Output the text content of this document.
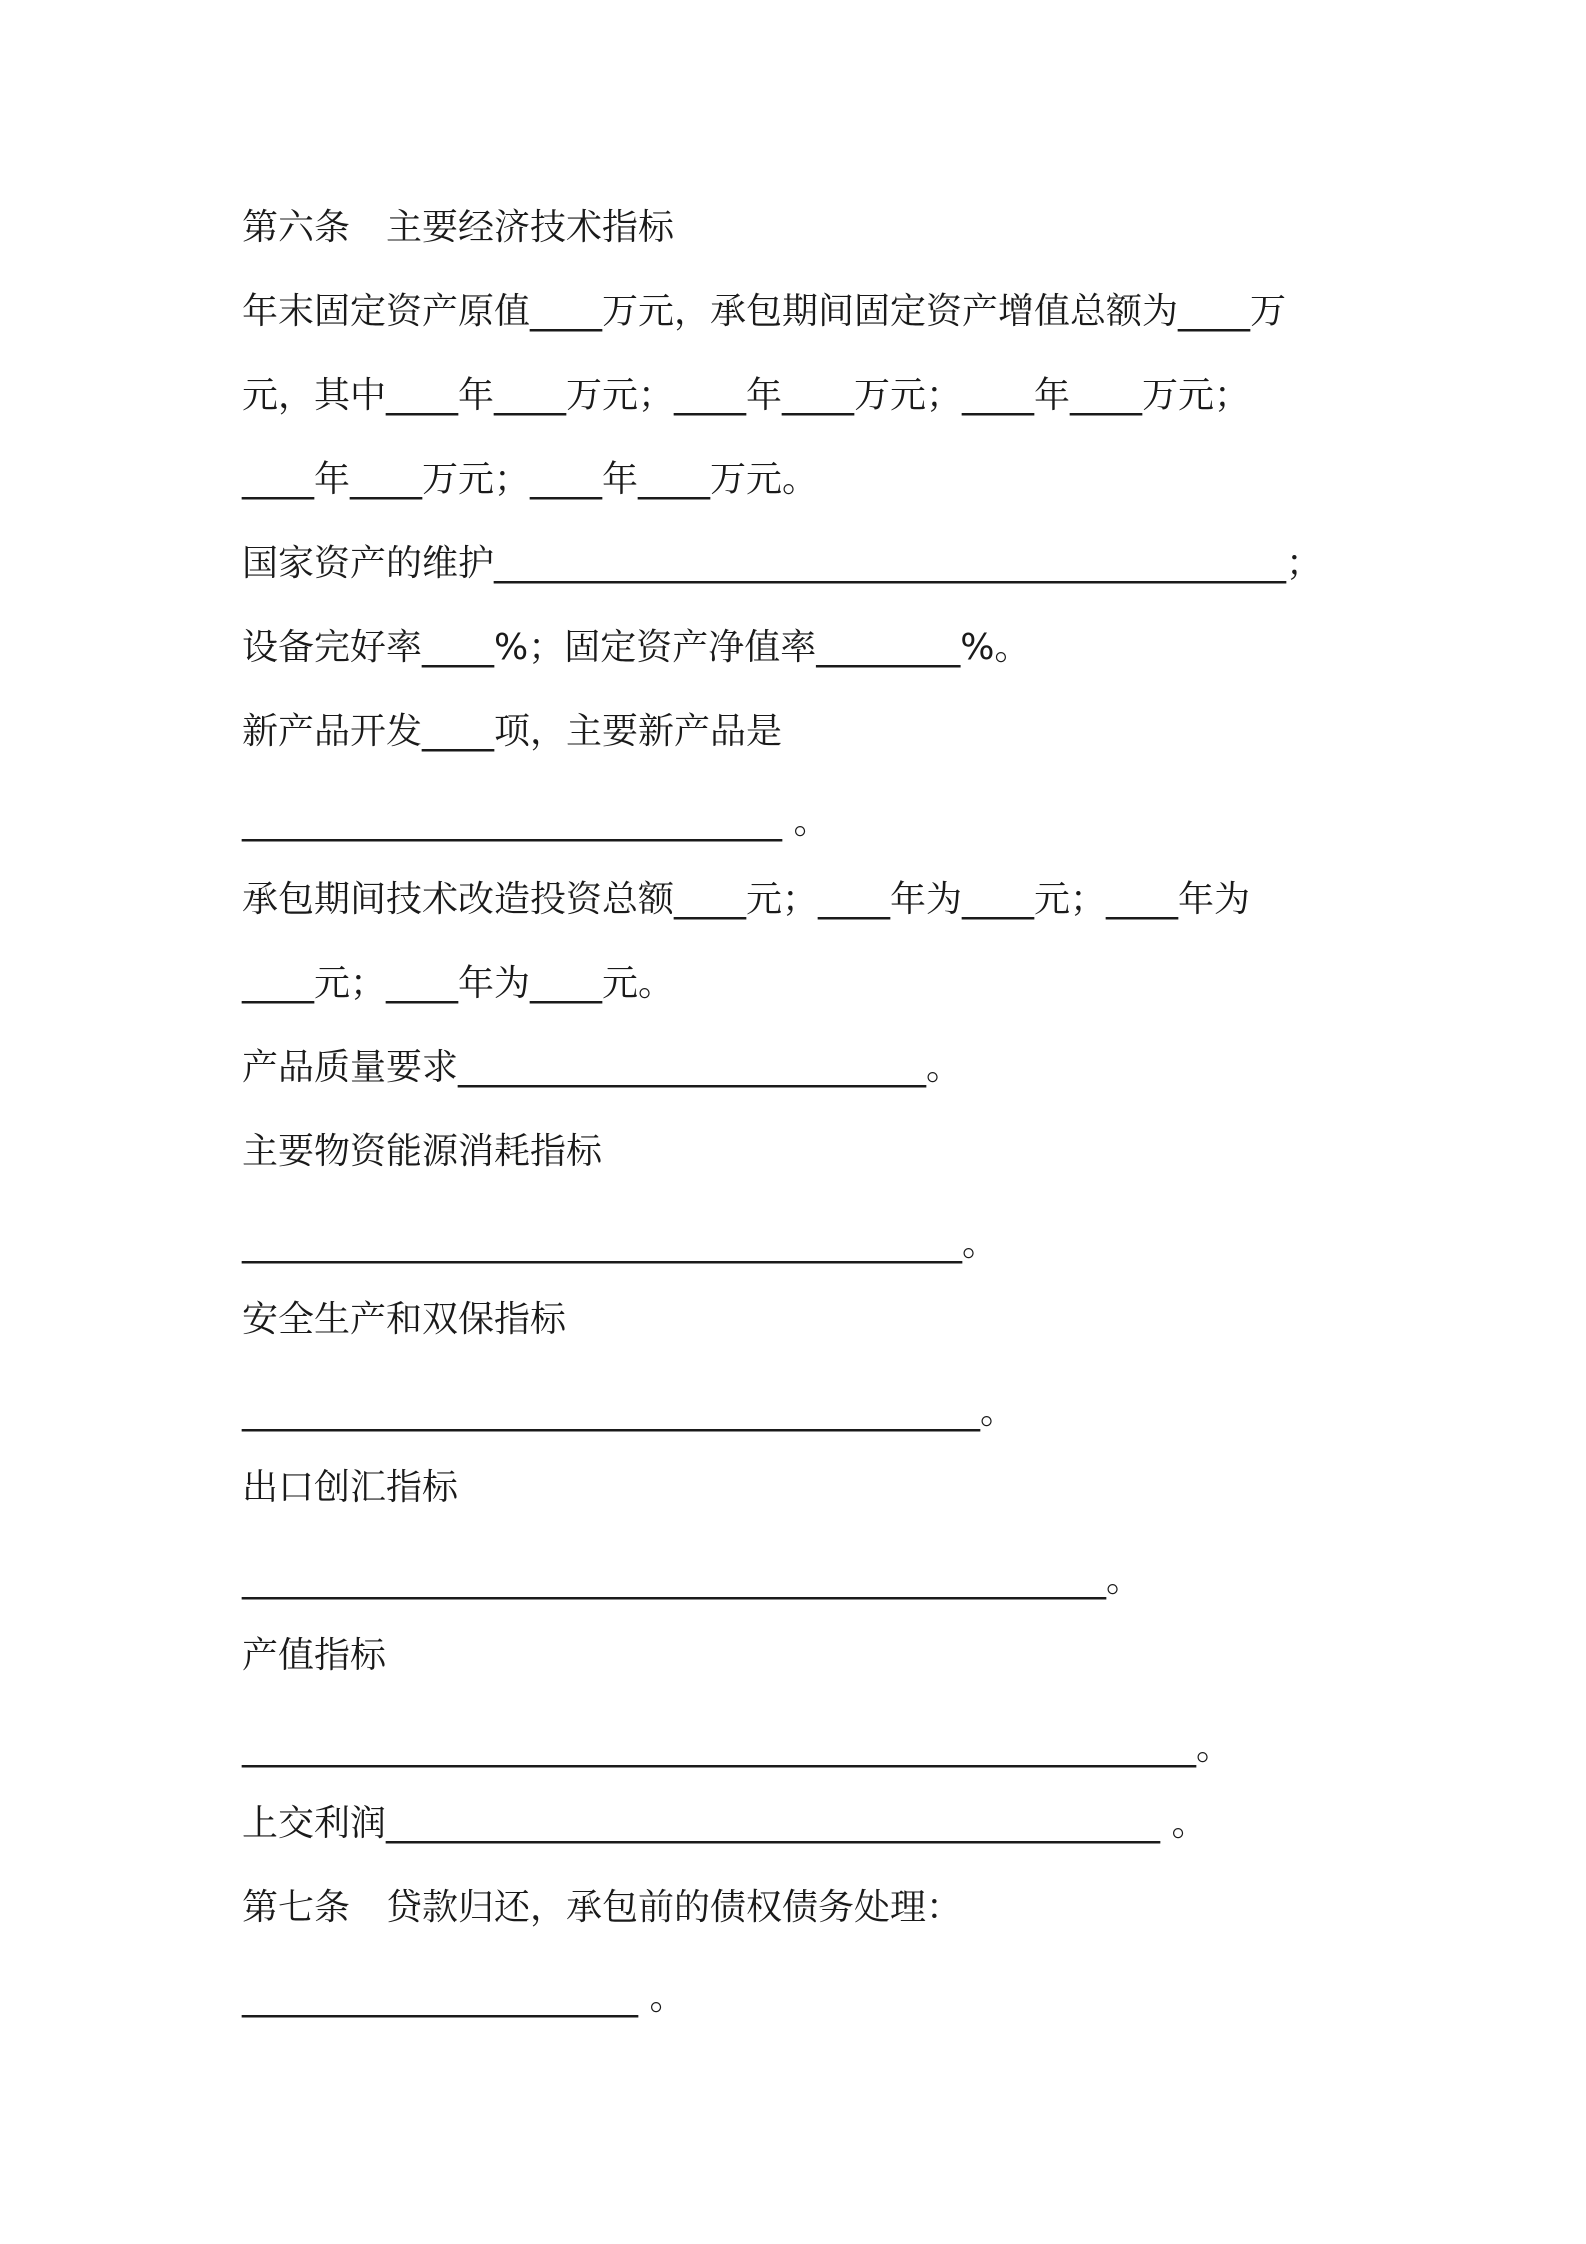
第六条　主要经济技术指标
年末固定资产原值____万元，承包期间固定资产增值总额为____万
元，其中____年____万元；____年____万元；____年____万元；
____年____万元；____年____万元。
国家资产的维护____________________________________________；
设备完好率____%；固定资产净值率________%。
新产品开发____项，主要新产品是
______________________________ 。
承包期间技术改造投资总额____元；____年为____元；____年为
____元；____年为____元。
产品质量要求__________________________。
主要物资能源消耗指标
________________________________________。
安全生产和双保指标
_________________________________________。
出口创汇指标
________________________________________________。
产值指标
_____________________________________________________。
上交利润___________________________________________ 。
第七条　贷款归还，承包前的债权债务处理：
______________________ 。
